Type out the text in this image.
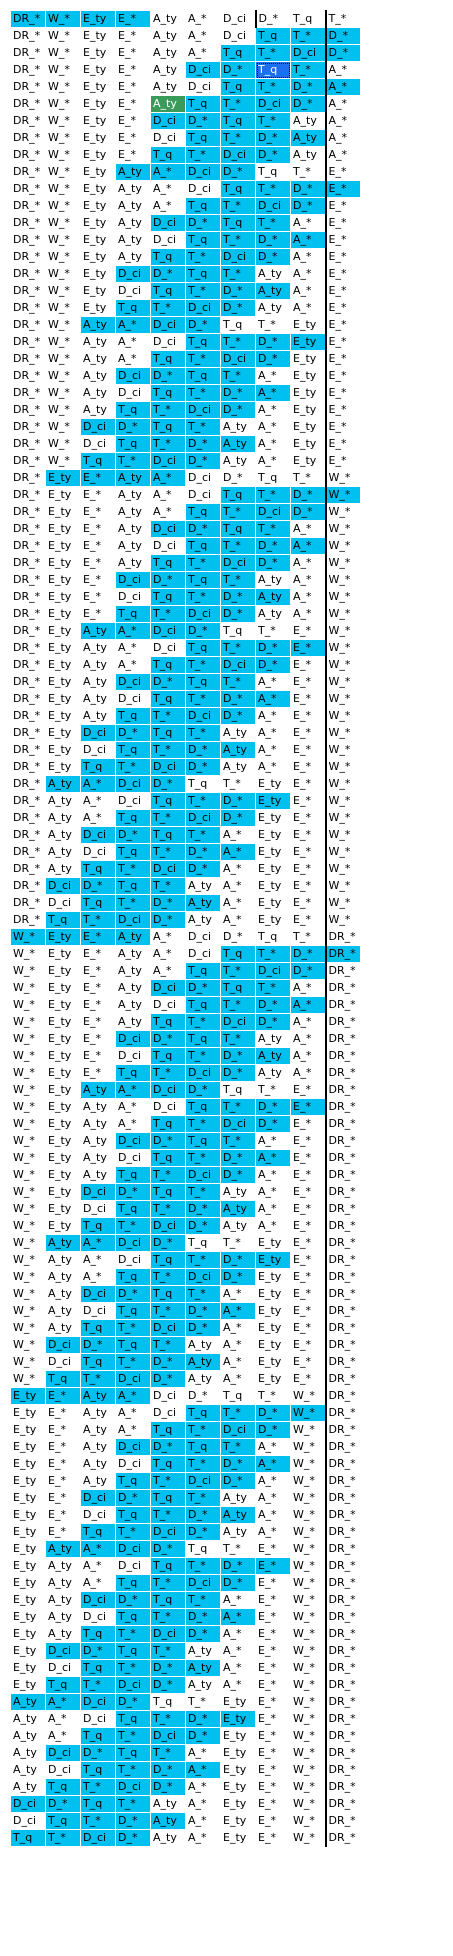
DR_*	W_*	E_ty	E_*	A_ty	A_*	D_ci	D_*	T_q	T_*
DR_*	W_*	E_ty	E_*	A_ty	A_*	D_ci	T_q	T_*	D_*
DR_*	W_*	E_ty	E_*	A_ty	A_*	T_q	T_*	D_ci	D_*
DR_*	W_*	E_ty	E_*	A_ty	D_ci	D_*	T_q	T_*	A_*
DR_*	W_*	E_ty	E_*	A_ty	D_ci	T_q	T_*	D_*	A_*
DR_*	W_*	E_ty	E_*	A_ty	T_q	T_*	D_ci	D_*	A_*
DR_*	W_*	E_ty	E_*	D_ci	D_*	T_q	T_*	A_ty	A_*
DR_*	W_*	E_ty	E_*	D_ci	T_q	T_*	D_*	A_ty	A_*
DR_*	W_*	E_ty	E_*	T_q	T_*	D_ci	D_*	A_ty	A_*
DR_*	W_*	E_ty	A_ty	A_*	D_ci	D_*	T_q	T_*	E_*
DR_*	W_*	E_ty	A_ty	A_*	D_ci	T_q	T_*	D_*	E_*
DR_*	W_*	E_ty	A_ty	A_*	T_q	T_*	D_ci	D_*	E_*
DR_*	W_*	E_ty	A_ty	D_ci	D_*	T_q	T_*	A_*	E_*
DR_*	W_*	E_ty	A_ty	D_ci	T_q	T_*	D_*	A_*	E_*
DR_*	W_*	E_ty	A_ty	T_q	T_*	D_ci	D_*	A_*	E_*
DR_*	W_*	E_ty	D_ci	D_*	T_q	T_*	A_ty	A_*	E_*
DR_*	W_*	E_ty	D_ci	T_q	T_*	D_*	A_ty	A_*	E_*
DR_*	W_*	E_ty	T_q	T_*	D_ci	D_*	A_ty	A_*	E_*
DR_*	W_*	A_ty	A_*	D_ci	D_*	T_q	T_*	E_ty	E_*
DR_*	W_*	A_ty	A_*	D_ci	T_q	T_*	D_*	E_ty	E_*
DR_*	W_*	A_ty	A_*	T_q	T_*	D_ci	D_*	E_ty	E_*
DR_*	W_*	A_ty	D_ci	D_*	T_q	T_*	A_*	E_ty	E_*
DR_*	W_*	A_ty	D_ci	T_q	T_*	D_*	A_*	E_ty	E_*
DR_*	W_*	A_ty	T_q	T_*	D_ci	D_*	A_*	E_ty	E_*
DR_*	W_*	D_ci	D_*	T_q	T_*	A_ty	A_*	E_ty	E_*
DR_*	W_*	D_ci	T_q	T_*	D_*	A_ty	A_*	E_ty	E_*
DR_*	W_*	T_q	T_*	D_ci	D_*	A_ty	A_*	E_ty	E_*
DR_*	E_ty	E_*	A_ty	A_*	D_ci	D_*	T_q	T_*	W_*
DR_*	E_ty	E_*	A_ty	A_*	D_ci	T_q	T_*	D_*	W_*
DR_*	E_ty	E_*	A_ty	A_*	T_q	T_*	D_ci	D_*	W_*
DR_*	E_ty	E_*	A_ty	D_ci	D_*	T_q	T_*	A_*	W_*
DR_*	E_ty	E_*	A_ty	D_ci	T_q	T_*	D_*	A_*	W_*
DR_*	E_ty	E_*	A_ty	T_q	T_*	D_ci	D_*	A_*	W_*
DR_*	E_ty	E_*	D_ci	D_*	T_q	T_*	A_ty	A_*	W_*
DR_*	E_ty	E_*	D_ci	T_q	T_*	D_*	A_ty	A_*	W_*
DR_*	E_ty	E_*	T_q	T_*	D_ci	D_*	A_ty	A_*	W_*
DR_*	E_ty	A_ty	A_*	D_ci	D_*	T_q	T_*	E_*	W_*
DR_*	E_ty	A_ty	A_*	D_ci	T_q	T_*	D_*	E_*	W_*
DR_*	E_ty	A_ty	A_*	T_q	T_*	D_ci	D_*	E_*	W_*
DR_*	E_ty	A_ty	D_ci	D_*	T_q	T_*	A_*	E_*	W_*
DR_*	E_ty	A_ty	D_ci	T_q	T_*	D_*	A_*	E_*	W_*
DR_*	E_ty	A_ty	T_q	T_*	D_ci	D_*	A_*	E_*	W_*
DR_*	E_ty	D_ci	D_*	T_q	T_*	A_ty	A_*	E_*	W_*
DR_*	E_ty	D_ci	T_q	T_*	D_*	A_ty	A_*	E_*	W_*
DR_*	E_ty	T_q	T_*	D_ci	D_*	A_ty	A_*	E_*	W_*
DR_*	A_ty	A_*	D_ci	D_*	T_q	T_*	E_ty	E_*	W_*
DR_*	A_ty	A_*	D_ci	T_q	T_*	D_*	E_ty	E_*	W_*
DR_*	A_ty	A_*	T_q	T_*	D_ci	D_*	E_ty	E_*	W_*
DR_*	A_ty	D_ci	D_*	T_q	T_*	A_*	E_ty	E_*	W_*
DR_*	A_ty	D_ci	T_q	T_*	D_*	A_*	E_ty	E_*	W_*
DR_*	A_ty	T_q	T_*	D_ci	D_*	A_*	E_ty	E_*	W_*
DR_*	D_ci	D_*	T_q	T_*	A_ty	A_*	E_ty	E_*	W_*
DR_*	D_ci	T_q	T_*	D_*	A_ty	A_*	E_ty	E_*	W_*
DR_*	T_q	T_*	D_ci	D_*	A_ty	A_*	E_ty	E_*	W_*
W_*	E_ty	E_*	A_ty	A_*	D_ci	D_*	T_q	T_*	DR_*
W_*	E_ty	E_*	A_ty	A_*	D_ci	T_q	T_*	D_*	DR_*
W_*	E_ty	E_*	A_ty	A_*	T_q	T_*	D_ci	D_*	DR_*
W_*	E_ty	E_*	A_ty	D_ci	D_*	T_q	T_*	A_*	DR_*
W_*	E_ty	E_*	A_ty	D_ci	T_q	T_*	D_*	A_*	DR_*
W_*	E_ty	E_*	A_ty	T_q	T_*	D_ci	D_*	A_*	DR_*
W_*	E_ty	E_*	D_ci	D_*	T_q	T_*	A_ty	A_*	DR_*
W_*	E_ty	E_*	D_ci	T_q	T_*	D_*	A_ty	A_*	DR_*
W_*	E_ty	E_*	T_q	T_*	D_ci	D_*	A_ty	A_*	DR_*
W_*	E_ty	A_ty	A_*	D_ci	D_*	T_q	T_*	E_*	DR_*
W_*	E_ty	A_ty	A_*	D_ci	T_q	T_*	D_*	E_*	DR_*
W_*	E_ty	A_ty	A_*	T_q	T_*	D_ci	D_*	E_*	DR_*
W_*	E_ty	A_ty	D_ci	D_*	T_q	T_*	A_*	E_*	DR_*
W_*	E_ty	A_ty	D_ci	T_q	T_*	D_*	A_*	E_*	DR_*
W_*	E_ty	A_ty	T_q	T_*	D_ci	D_*	A_*	E_*	DR_*
W_*	E_ty	D_ci	D_*	T_q	T_*	A_ty	A_*	E_*	DR_*
W_*	E_ty	D_ci	T_q	T_*	D_*	A_ty	A_*	E_*	DR_*
W_*	E_ty	T_q	T_*	D_ci	D_*	A_ty	A_*	E_*	DR_*
W_*	A_ty	A_*	D_ci	D_*	T_q	T_*	E_ty	E_*	DR_*
W_*	A_ty	A_*	D_ci	T_q	T_*	D_*	E_ty	E_*	DR_*
W_*	A_ty	A_*	T_q	T_*	D_ci	D_*	E_ty	E_*	DR_*
W_*	A_ty	D_ci	D_*	T_q	T_*	A_*	E_ty	E_*	DR_*
W_*	A_ty	D_ci	T_q	T_*	D_*	A_*	E_ty	E_*	DR_*
W_*	A_ty	T_q	T_*	D_ci	D_*	A_*	E_ty	E_*	DR_*
W_*	D_ci	D_*	T_q	T_*	A_ty	A_*	E_ty	E_*	DR_*
W_*	D_ci	T_q	T_*	D_*	A_ty	A_*	E_ty	E_*	DR_*
W_*	T_q	T_*	D_ci	D_*	A_ty	A_*	E_ty	E_*	DR_*
E_ty	E_*	A_ty	A_*	D_ci	D_*	T_q	T_*	W_*	DR_*
E_ty	E_*	A_ty	A_*	D_ci	T_q	T_*	D_*	W_*	DR_*
E_ty	E_*	A_ty	A_*	T_q	T_*	D_ci	D_*	W_*	DR_*
E_ty	E_*	A_ty	D_ci	D_*	T_q	T_*	A_*	W_*	DR_*
E_ty	E_*	A_ty	D_ci	T_q	T_*	D_*	A_*	W_*	DR_*
E_ty	E_*	A_ty	T_q	T_*	D_ci	D_*	A_*	W_*	DR_*
E_ty	E_*	D_ci	D_*	T_q	T_*	A_ty	A_*	W_*	DR_*
E_ty	E_*	D_ci	T_q	T_*	D_*	A_ty	A_*	W_*	DR_*
E_ty	E_*	T_q	T_*	D_ci	D_*	A_ty	A_*	W_*	DR_*
E_ty	A_ty	A_*	D_ci	D_*	T_q	T_*	E_*	W_*	DR_*
E_ty	A_ty	A_*	D_ci	T_q	T_*	D_*	E_*	W_*	DR_*
E_ty	A_ty	A_*	T_q	T_*	D_ci	D_*	E_*	W_*	DR_*
E_ty	A_ty	D_ci	D_*	T_q	T_*	A_*	E_*	W_*	DR_*
E_ty	A_ty	D_ci	T_q	T_*	D_*	A_*	E_*	W_*	DR_*
E_ty	A_ty	T_q	T_*	D_ci	D_*	A_*	E_*	W_*	DR_*
E_ty	D_ci	D_*	T_q	T_*	A_ty	A_*	E_*	W_*	DR_*
E_ty	D_ci	T_q	T_*	D_*	A_ty	A_*	E_*	W_*	DR_*
E_ty	T_q	T_*	D_ci	D_*	A_ty	A_*	E_*	W_*	DR_*
A_ty	A_*	D_ci	D_*	T_q	T_*	E_ty	E_*	W_*	DR_*
A_ty	A_*	D_ci	T_q	T_*	D_*	E_ty	E_*	W_*	DR_*
A_ty	A_*	T_q	T_*	D_ci	D_*	E_ty	E_*	W_*	DR_*
A_ty	D_ci	D_*	T_q	T_*	A_*	E_ty	E_*	W_*	DR_*
A_ty	D_ci	T_q	T_*	D_*	A_*	E_ty	E_*	W_*	DR_*
A_ty	T_q	T_*	D_ci	D_*	A_*	E_ty	E_*	W_*	DR_*
D_ci	D_*	T_q	T_*	A_ty	A_*	E_ty	E_*	W_*	DR_*
D_ci	T_q	T_*	D_*	A_ty	A_*	E_ty	E_*	W_*	DR_*
T_q	T_*	D_ci	D_*	A_ty	A_*	E_ty	E_*	W_*	DR_*
